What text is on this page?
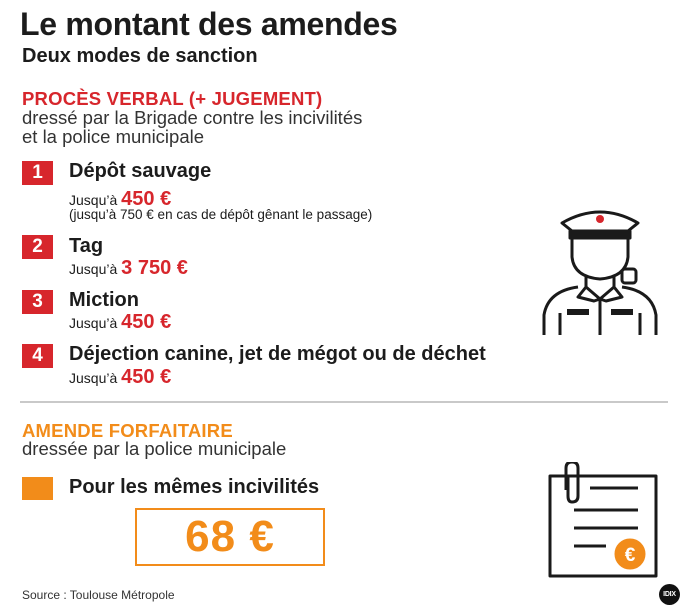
Le montant des amendes
Deux modes de sanction
PROCÈS VERBAL (+ JUGEMENT)
dressé par la Brigade contre les incivilités
et la police municipale
1	Dépôt sauvage
Jusqu’à 450 €
(jusqu’à 750 € en cas de dépôt gênant le passage)
2	Tag
Jusqu’à 3 750 €
3	Miction
Jusqu’à 450 €
4	Déjection canine, jet de mégot ou de déchet
Jusqu’à 450 €
AMENDE FORFAITAIRE
dressée par la police municipale
Pour les mêmes incivilités
68 €	€
Source : Toulouse Métropole	IDIX
